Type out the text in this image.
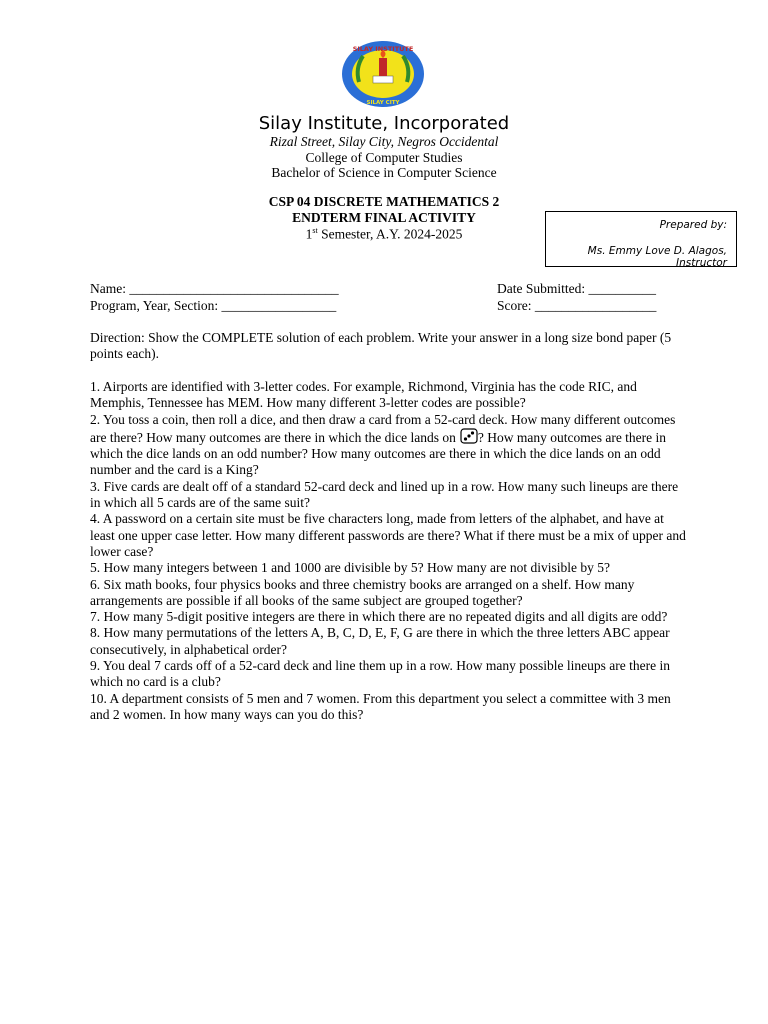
SILAY INSTITUTE
SILAY CITY
Silay Institute, Incorporated
Rizal Street, Silay City, Negros Occidental
College of Computer Studies
Bachelor of Science in Computer Science
CSP 04 DISCRETE MATHEMATICS 2
ENDTERM FINAL ACTIVITY
1st Semester, A.Y. 2024-2025
Prepared by:
Ms. Emmy Love D. Alagos,
Instructor
Name: _______________________________
Program, Year, Section: _________________
Date Submitted: __________
Score: __________________
Direction: Show the COMPLETE solution of each problem. Write your answer in a long size bond paper (5 points each).

1. Airports are identified with 3-letter codes. For example, Richmond, Virginia has the code RIC, and Memphis, Tennessee has MEM. How many different 3-letter codes are possible?

2. You toss a coin, then roll a dice, and then draw a card from a 52-card deck. How many different outcomes are there? How many outcomes are there in which the dice lands on ? How many outcomes are there in which the dice lands on an odd number? How many outcomes are there in which the dice lands on an odd number and the card is a King?

3. Five cards are dealt off of a standard 52-card deck and lined up in a row. How many such lineups are there in which all 5 cards are of the same suit?

4. A password on a certain site must be five characters long, made from letters of the alphabet, and have at least one upper case letter. How many different passwords are there? What if there must be a mix of upper and lower case?

5. How many integers between 1 and 1000 are divisible by 5? How many are not divisible by 5?

6. Six math books, four physics books and three chemistry books are arranged on a shelf. How many arrangements are possible if all books of the same subject are grouped together?

7. How many 5-digit positive integers are there in which there are no repeated digits and all digits are odd?

8. How many permutations of the letters A, B, C, D, E, F, G are there in which the three letters ABC appear consecutively, in alphabetical order?

9. You deal 7 cards off of a 52-card deck and line them up in a row. How many possible lineups are there in which no card is a club?

10. A department consists of 5 men and 7 women. From this department you select a committee with 3 men and 2 women. In how many ways can you do this?
